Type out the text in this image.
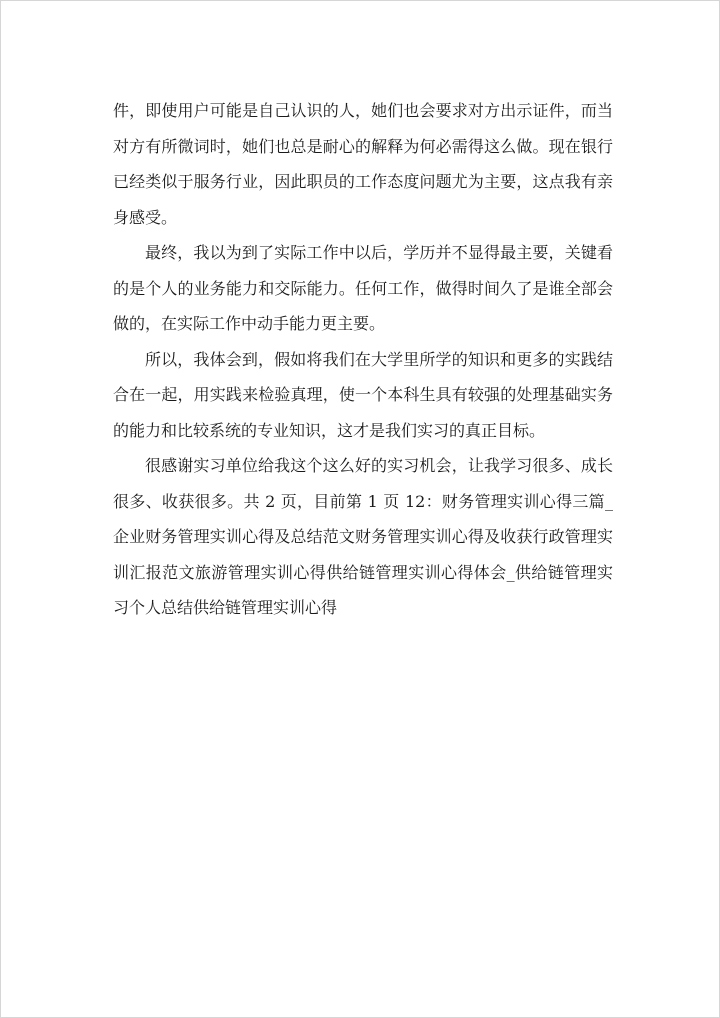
件，即使用户可能是自己认识的人，她们也会要求对方出示证件，而当对方有所微词时，她们也总是耐心的解释为何必需得这么做。现在银行已经类似于服务行业，因此职员的工作态度问题尤为主要，这点我有亲身感受。

最终，我以为到了实际工作中以后，学历并不显得最主要，关键看的是个人的业务能力和交际能力。任何工作，做得时间久了是谁全部会做的，在实际工作中动手能力更主要。

所以，我体会到，假如将我们在大学里所学的知识和更多的实践结合在一起，用实践来检验真理，使一个本科生具有较强的处理基础实务的能力和比较系统的专业知识，这才是我们实习的真正目标。

很感谢实习单位给我这个这么好的实习机会，让我学习很多、成长很多、收获很多。共 2 页，目前第 1 页 12：财务管理实训心得三篇_企业财务管理实训心得及总结范文财务管理实训心得及收获行政管理实训汇报范文旅游管理实训心得供给链管理实训心得体会_供给链管理实习个人总结供给链管理实训心得
